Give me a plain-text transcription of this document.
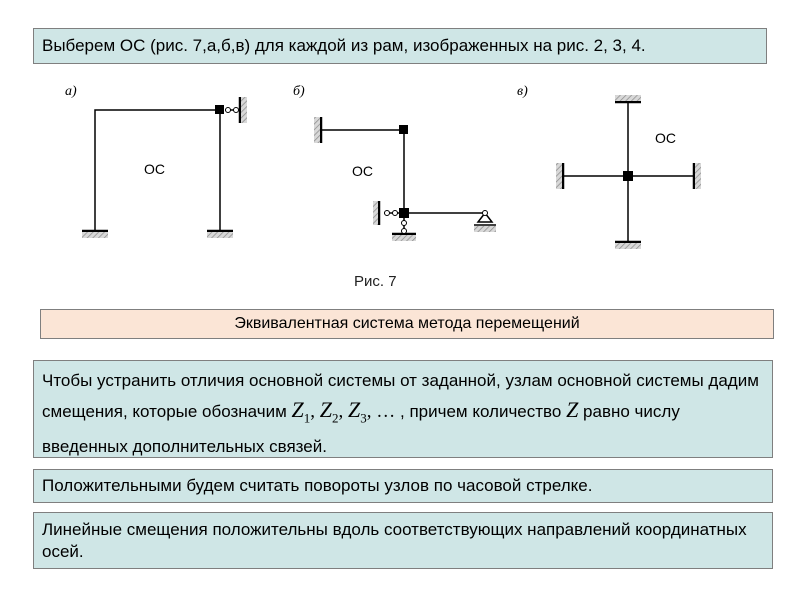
Выберем ОС (рис. 7,а,б,в) для каждой из рам, изображенных на рис. 2, 3, 4.
а)
ОС
б)
ОС
в)
ОС
Рис. 7
Эквивалентная система метода перемещений
Чтобы устранить отличия основной системы от заданной, узлам основной системы дадим смещения, которые обозначим $Z_1$, $Z_2$, $Z_3$, … , причем количество Z равно числу введенных дополнительных связей.
Положительными будем считать повороты узлов по часовой стрелке.
Линейные смещения положительны вдоль соответствующих направлений координатных осей.
